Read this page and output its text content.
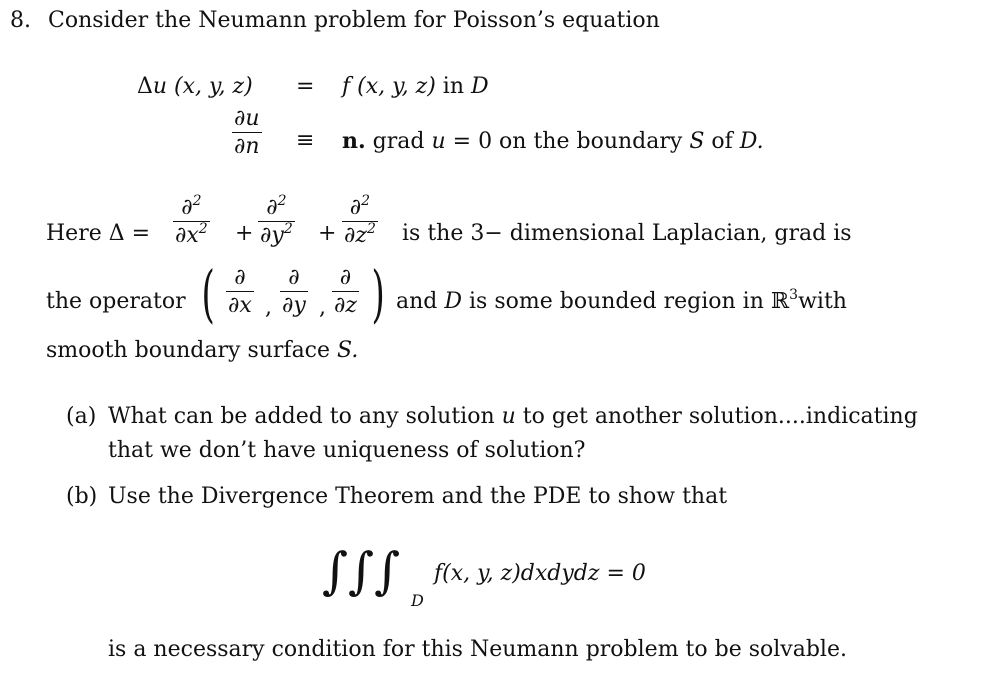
8. Consider the Neumann problem for Poisson’s equation
Δu (x, y, z) = f (x, y, z) in D
∂u
∂n ≡ n. grad u = 0 on the boundary S of D.
Here Δ =
∂$^2$
$\partial x^2$ +
∂$^2$
$\partial y^2$ +
∂$^2$
$\partial z^2$ is the 3− dimensional Laplacian, grad is
the operator ( ∂
∂x ,
∂
∂y ,
∂
∂z ) and D is some bounded region in ℝ$^3$with
smooth boundary surface S.
(a) What can be added to any solution u to get another solution....indicating
that we don’t have uniqueness of solution?
(b) Use the Divergence Theorem and the PDE to show that
∫∫∫
D
f(x, y, z)dxdydz = 0
is a necessary condition for this Neumann problem to be solvable.
